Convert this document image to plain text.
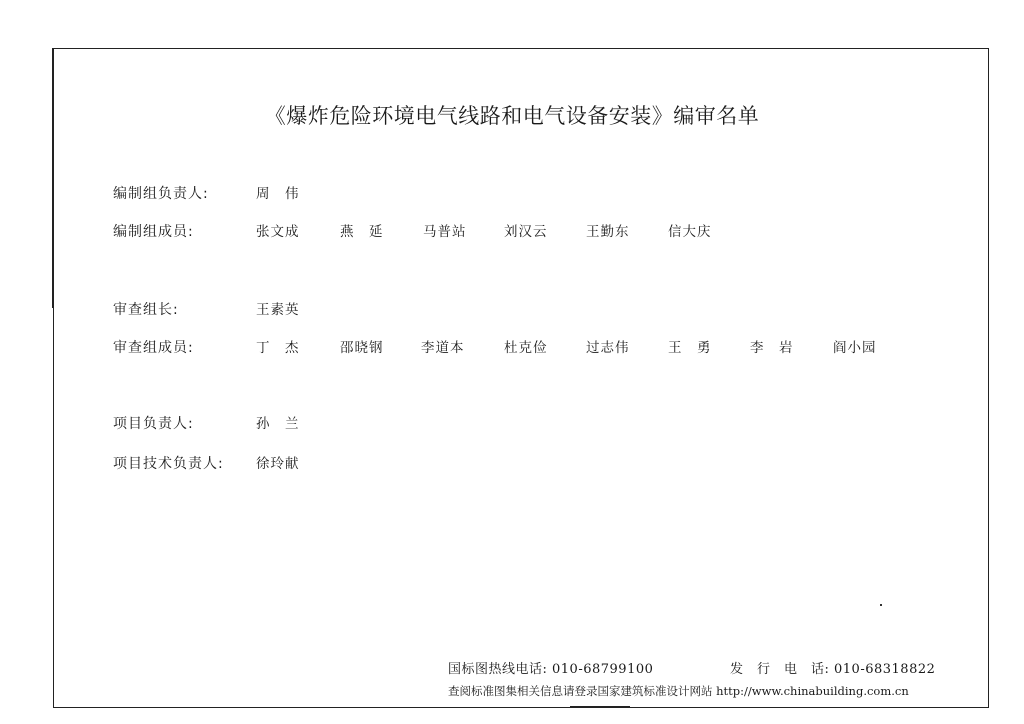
《爆炸危险环境电气线路和电气设备安装》编审名单
编制组负责人:	周　伟
编制组成员:	张文成	燕　延	马普站	刘汉云	王勤东	信大庆
审查组长:	王素英
审查组成员:	丁　杰	邵晓钢	李道本	杜克俭	过志伟	王　勇	李　岩	阎小园
项目负责人:	孙　兰
项目技术负责人: 徐玲献
国标图热线电话: 010-68799100	发　行　电　话: 010-68318822
查阅标准图集相关信息请登录国家建筑标准设计网站 http://www.chinabuilding.com.cn
